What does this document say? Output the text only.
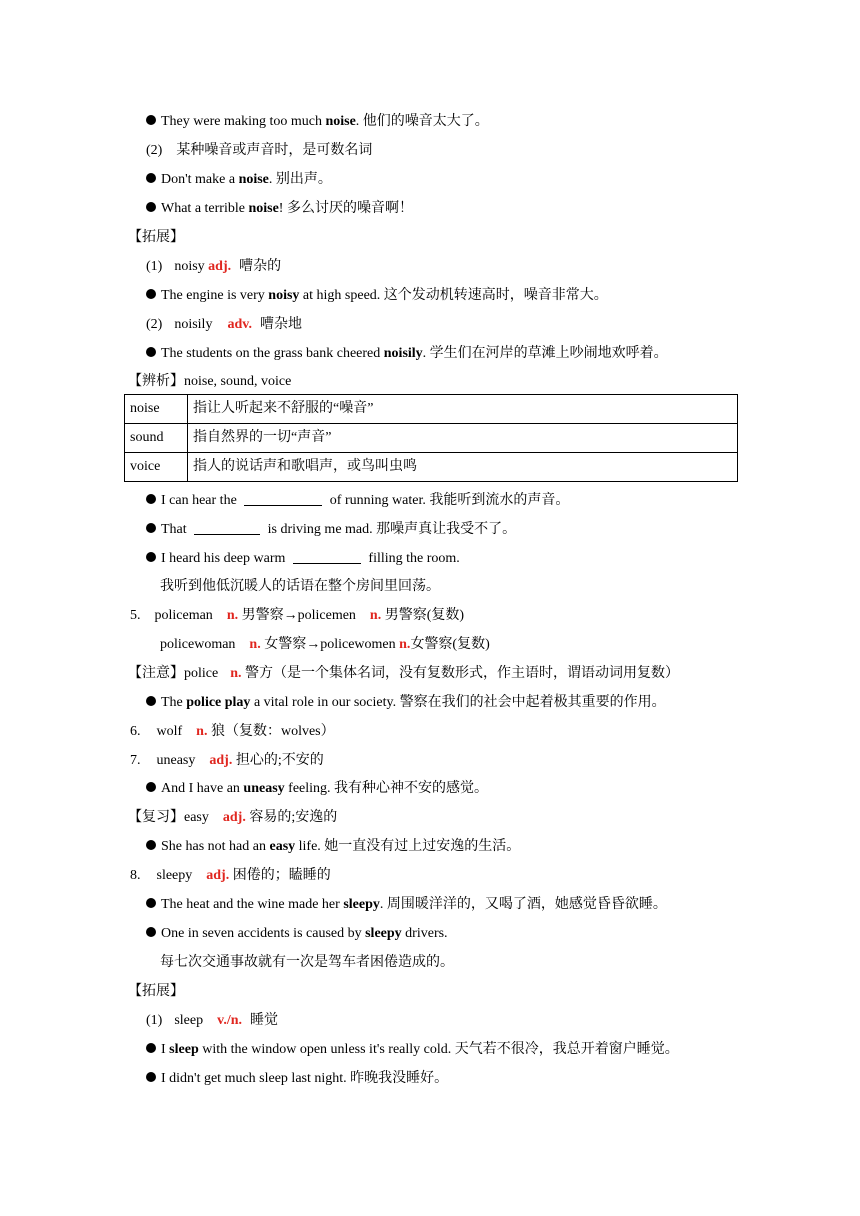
They were making too much noise. 他们的噪音太大了。
(2) 某种噪音或声音时，是可数名词
Don't make a noise. 别出声。
What a terrible noise! 多么讨厌的噪音啊！
【拓展】
(1) noisy adj. 嘈杂的
The engine is very noisy at high speed. 这个发动机转速高时，噪音非常大。
(2) noisily adv. 嘈杂地
The students on the grass bank cheered noisily. 学生们在河岸的草滩上吵闹地欢呼着。
【辨析】noise, sound, voice
noise	指让人听起来不舒服的“噪音”
sound	指自然界的一切“声音”
voice	指人的说话声和歌唱声，或鸟叫虫鸣
I can hear the	of running water. 我能听到流水的声音。
That	is driving me mad. 那噪声真让我受不了。
I heard his deep warm	filling the room.
我听到他低沉暖人的话语在整个房间里回荡。
5. policeman n. 男警察→policemen n. 男警察(复数)
policewoman n. 女警察→policewomen n.女警察(复数)
【注意】police n. 警方（是一个集体名词，没有复数形式，作主语时，谓语动词用复数）
The police play a vital role in our society. 警察在我们的社会中起着极其重要的作用。
6. wolf n. 狼（复数：wolves）
7. uneasy adj. 担心的;不安的
And I have an uneasy feeling. 我有种心神不安的感觉。
【复习】easy adj. 容易的;安逸的
She has not had an easy life. 她一直没有过上过安逸的生活。
8. sleepy adj. 困倦的；瞌睡的
The heat and the wine made her sleepy. 周围暖洋洋的，又喝了酒，她感觉昏昏欲睡。
One in seven accidents is caused by sleepy drivers.
每七次交通事故就有一次是驾车者困倦造成的。
【拓展】
(1) sleep v./n. 睡觉
I sleep with the window open unless it's really cold. 天气若不很冷，我总开着窗户睡觉。
I didn't get much sleep last night. 昨晚我没睡好。
